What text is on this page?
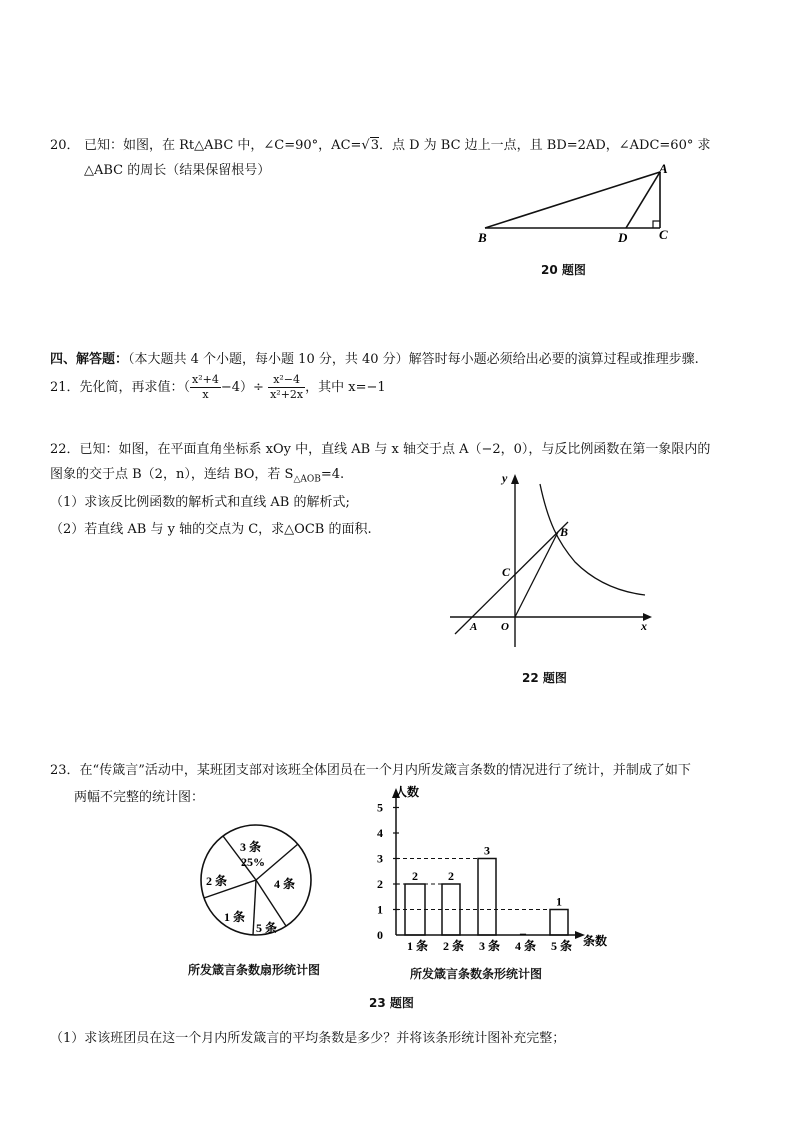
20． 已知：如图，在 Rt△ABC 中，∠C=90°，AC=√3．点 D 为 BC 边上一点，且 BD=2AD，∠ADC=60° 求
△ABC 的周长（结果保留根号）	A
B	D C
20 题图
四、解答题：（本大题共 4 个小题，每小题 10 分，共 40 分）解答时每小题必须给出必要的演算过程或推理步骤.
21．先化简，再求值：（ $\frac{\text{x²+4}}{x} -4)\div \frac{\text{x²−4}}{\text{x²+2x}}$ ，其中 x=−1
22．已知：如图，在平面直角坐标系 xOy 中，直线 AB 与 x 轴交于点 A（−2，0），与反比例函数在第一象限内的
图象的交于点 B（2，n），连结 BO，若 $S_{\triangle AOB}=4$.
（1）求该反比例函数的解析式和直线 AB 的解析式;
（2）若直线 AB 与 y 轴的交点为 C，求△OCB 的面积.
y
x
A O
C
B
22 题图
23．在“传箴言”活动中，某班团支部对该班全体团员在一个月内所发箴言条数的情况进行了统计，并制成了如下
两幅不完整的统计图：
3 条
25%
2 条	4 条
1 条
5 条
所发箴言条数扇形统计图
人数
条数
0
1
2
3
4
5
1 条
2
2 条
2
3 条
3
4 条
_
5 条
1
所发箴言条数条形统计图
23 题图
（1）求该班团员在这一个月内所发箴言的平均条数是多少？并将该条形统计图补充完整；
